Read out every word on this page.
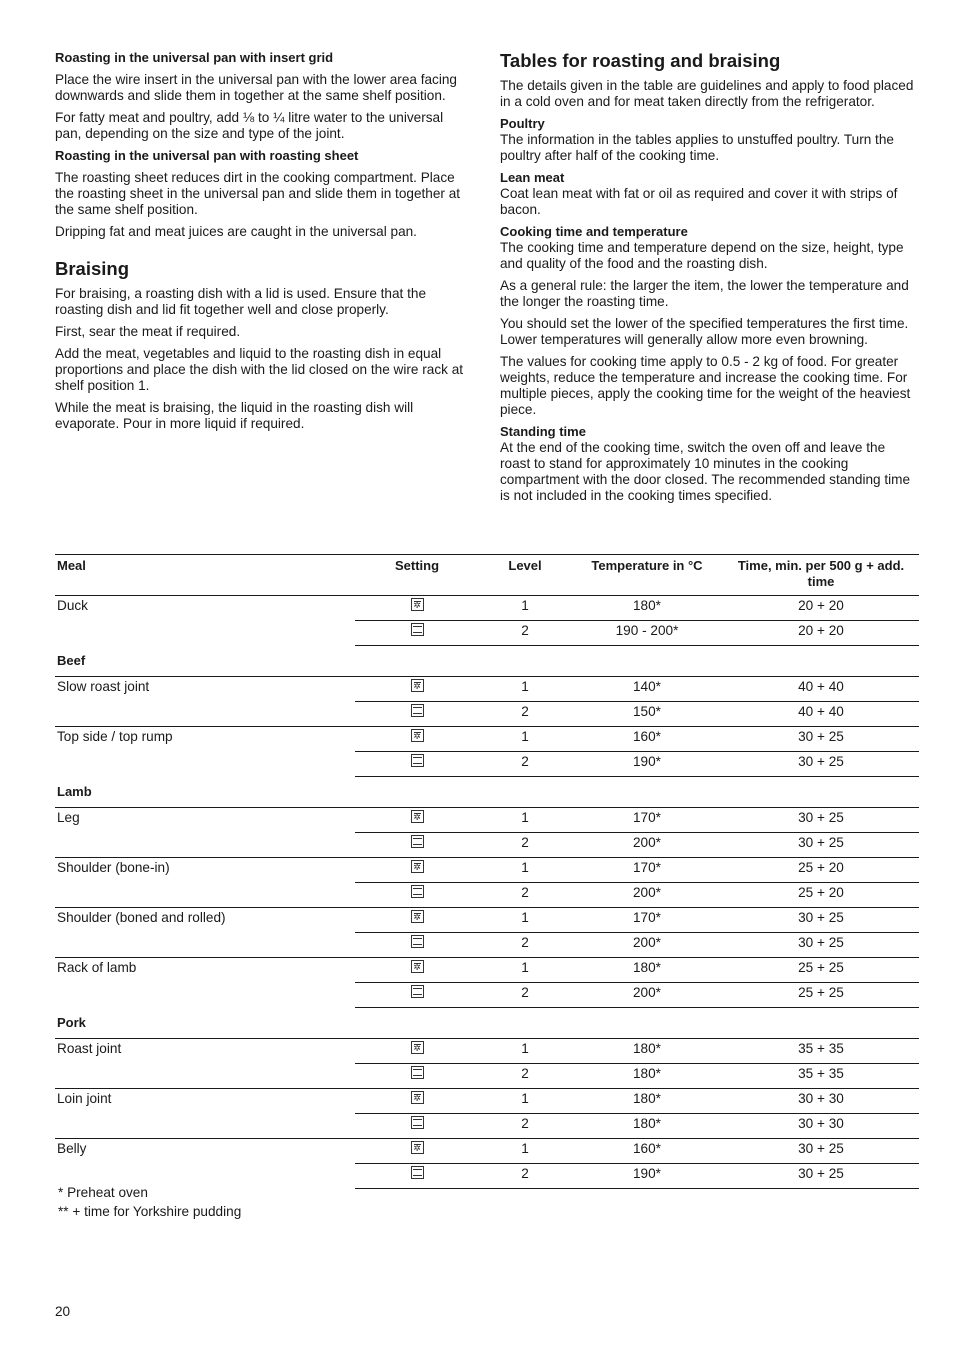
Roasting in the universal pan with insert grid

Place the wire insert in the universal pan with the lower area facing downwards and slide them in together at the same shelf position.

For fatty meat and poultry, add ⅛ to ¼ litre water to the universal pan, depending on the size and type of the joint.

Roasting in the universal pan with roasting sheet

The roasting sheet reduces dirt in the cooking compartment. Place the roasting sheet in the universal pan and slide them in together at the same shelf position.

Dripping fat and meat juices are caught in the universal pan.

Braising

For braising, a roasting dish with a lid is used. Ensure that the roasting dish and lid fit together well and close properly.

First, sear the meat if required.

Add the meat, vegetables and liquid to the roasting dish in equal proportions and place the dish with the lid closed on the wire rack at shelf position 1.

While the meat is braising, the liquid in the roasting dish will evaporate. Pour in more liquid if required.

Tables for roasting and braising

The details given in the table are guidelines and apply to food placed in a cold oven and for meat taken directly from the refrigerator.

Poultry

The information in the tables applies to unstuffed poultry. Turn the poultry after half of the cooking time.

Lean meat

Coat lean meat with fat or oil as required and cover it with strips of bacon.

Cooking time and temperature

The cooking time and temperature depend on the size, height, type and quality of the food and the roasting dish.

As a general rule: the larger the item, the lower the temperature and the longer the roasting time.

You should set the lower of the specified temperatures the first time. Lower temperatures will generally allow more even browning.

The values for cooking time apply to 0.5 - 2 kg of food. For greater weights, reduce the temperature and increase the cooking time. For multiple pieces, apply the cooking time for the weight of the heaviest piece.

Standing time

At the end of the cooking time, switch the oven off and leave the roast to stand for approximately 10 minutes in the cooking compartment with the door closed. The recommended standing time is not included in the cooking times specified.

Meal	Setting	Level	Temperature in °C	Time, min. per 500 g + add. time
Duck	✲	1	180*	20 + 20
		2	190 - 200*	20 + 20
Beef				
Slow roast joint	✲	1	140*	40 + 40
		2	150*	40 + 40
Top side / top rump	✲	1	160*	30 + 25
		2	190*	30 + 25
Lamb				
Leg	✲	1	170*	30 + 25
		2	200*	30 + 25
Shoulder (bone-in)	✲	1	170*	25 + 20
		2	200*	25 + 20
Shoulder (boned and rolled)	✲	1	170*	30 + 25
		2	200*	30 + 25
Rack of lamb	✲	1	180*	25 + 25
		2	200*	25 + 25
Pork				
Roast joint	✲	1	180*	35 + 35
		2	180*	35 + 35
Loin joint	✲	1	180*	30 + 30
		2	180*	30 + 30
Belly	✲	1	160*	30 + 25
		2	190*	30 + 25
* Preheat oven
** + time for Yorkshire pudding
20
